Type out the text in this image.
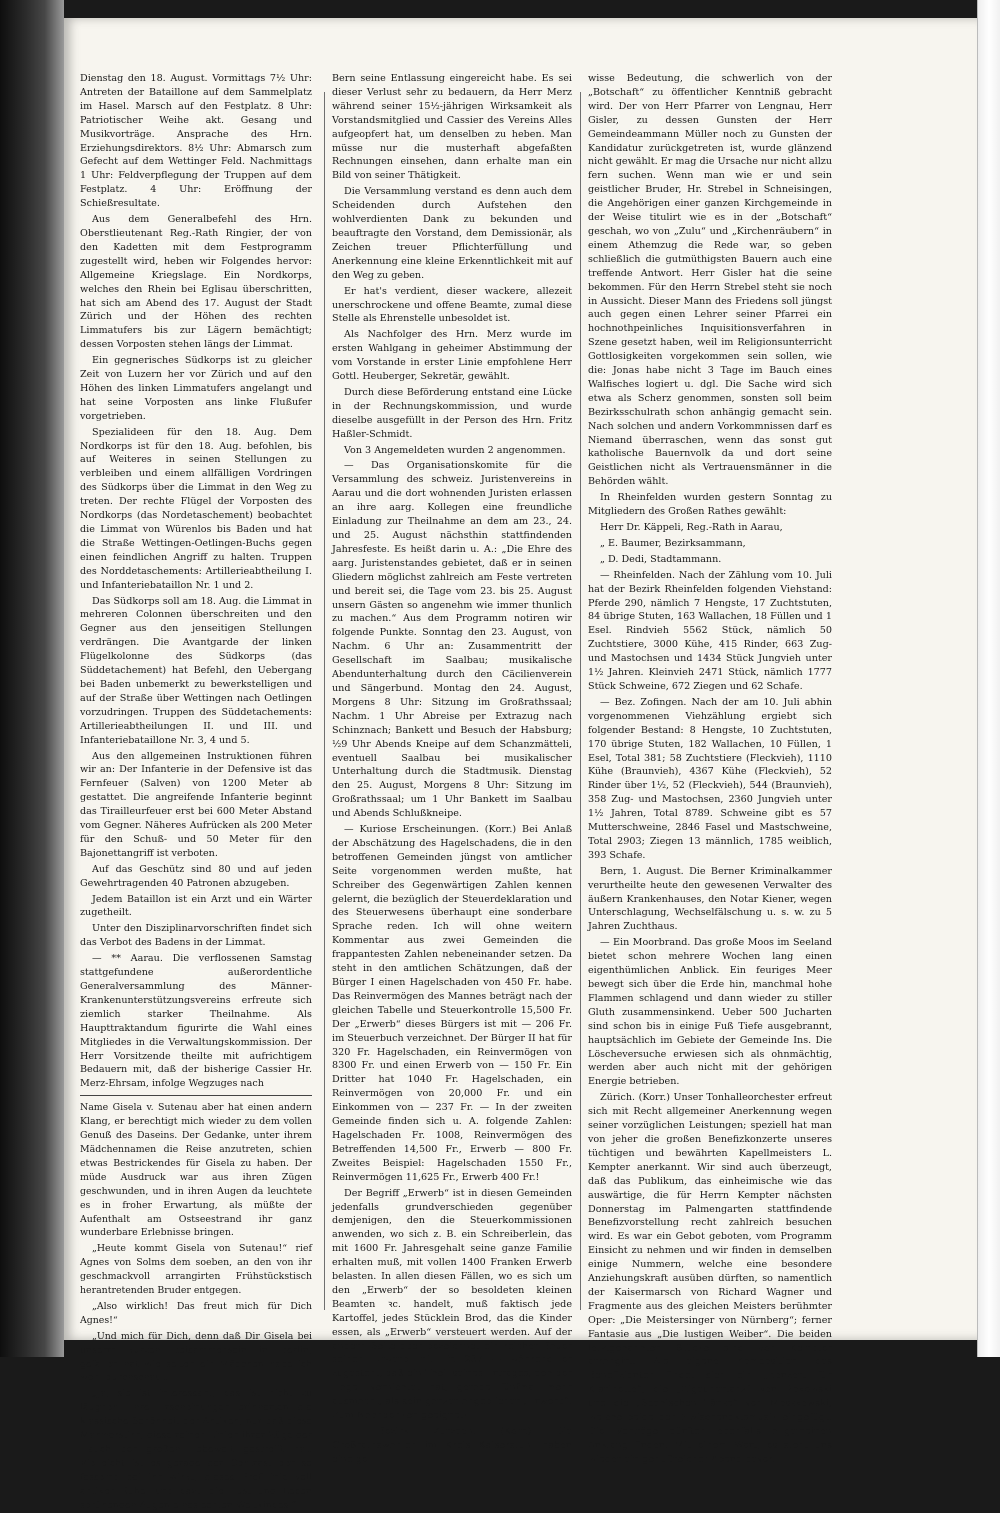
Dienstag den 18. August. Vormittags 7½ Uhr: Antreten der Bataillone auf dem Sammelplatz im Hasel. Marsch auf den Festplatz. 8 Uhr: Patriotischer Weihe akt. Gesang und Musikvorträge. Ansprache des Hrn. Erziehungsdirektors. 8½ Uhr: Abmarsch zum Gefecht auf dem Wettinger Feld. Nachmittags 1 Uhr: Feldverpflegung der Truppen auf dem Festplatz. 4 Uhr: Eröffnung der Schießresultate.

Aus dem Generalbefehl des Hrn. Oberstlieutenant Reg.-Rath Ringier, der von den Kadetten mit dem Festprogramm zugestellt wird, heben wir Folgendes hervor: Allgemeine Kriegslage. Ein Nordkorps, welches den Rhein bei Eglisau überschritten, hat sich am Abend des 17. August der Stadt Zürich und der Höhen des rechten Limmatufers bis zur Lägern bemächtigt; dessen Vorposten stehen längs der Limmat.

Ein gegnerisches Südkorps ist zu gleicher Zeit von Luzern her vor Zürich und auf den Höhen des linken Limmatufers angelangt und hat seine Vorposten ans linke Flußufer vorgetrieben.

Spezialideen für den 18. Aug. Dem Nordkorps ist für den 18. Aug. befohlen, bis auf Weiteres in seinen Stellungen zu verbleiben und einem allfälligen Vordringen des Südkorps über die Limmat in den Weg zu treten. Der rechte Flügel der Vorposten des Nordkorps (das Nordetaschement) beobachtet die Limmat von Würenlos bis Baden und hat die Straße Wettingen-Oetlingen-Buchs gegen einen feindlichen Angriff zu halten. Truppen des Norddetaschements: Artillerieabtheilung I. und Infanteriebataillon Nr. 1 und 2.

Das Südkorps soll am 18. Aug. die Limmat in mehreren Colonnen überschreiten und den Gegner aus den jenseitigen Stellungen verdrängen. Die Avantgarde der linken Flügelkolonne des Südkorps (das Süddetachement) hat Befehl, den Uebergang bei Baden unbemerkt zu bewerkstelligen und auf der Straße über Wettingen nach Oetlingen vorzudringen. Truppen des Süddetachements: Artillerieabtheilungen II. und III. und Infanteriebataillone Nr. 3, 4 und 5.

Aus den allgemeinen Instruktionen führen wir an: Der Infanterie in der Defensive ist das Fernfeuer (Salven) von 1200 Meter ab gestattet. Die angreifende Infanterie beginnt das Tirailleurfeuer erst bei 600 Meter Abstand vom Gegner. Näheres Aufrücken als 200 Meter für den Schuß- und 50 Meter für den Bajonettangriff ist verboten.

Auf das Geschütz sind 80 und auf jeden Gewehrtragenden 40 Patronen abzugeben.

Jedem Bataillon ist ein Arzt und ein Wärter zugetheilt.

Unter den Disziplinarvorschriften findet sich das Verbot des Badens in der Limmat.

— ** Aarau. Die verflossenen Samstag stattgefundene außerordentliche Generalversammlung des Männer-Krankenunterstützungsvereins erfreute sich ziemlich starker Theilnahme. Als Haupttraktandum figurirte die Wahl eines Mitgliedes in die Verwaltungskommission. Der Herr Vorsitzende theilte mit aufrichtigem Bedauern mit, daß der bisherige Cassier Hr. Merz-Ehrsam, infolge Wegzuges nach

Name Gisela v. Sutenau aber hat einen andern Klang, er berechtigt mich wieder zu dem vollen Genuß des Daseins. Der Gedanke, unter ihrem Mädchennamen die Reise anzutreten, schien etwas Bestrickendes für Gisela zu haben. Der müde Ausdruck war aus ihren Zügen geschwunden, und in ihren Augen da leuchtete es in froher Erwartung, als müßte der Aufenthalt am Ostseestrand ihr ganz wunderbare Erlebnisse bringen.

„Heute kommt Gisela von Sutenau!“ rief Agnes von Solms dem soeben, an den von ihr geschmackvoll arrangirten Frühstückstisch herantretenden Bruder entgegen.

„Also wirklich! Das freut mich für Dich Agnes!“

„Und mich für Dich, denn daß Dir Gisela bei unserm kurzen Beisammensein in Berlin, gefallen hat wie selten ein Mädchen habe ich wohl durchschaut.

„Ja, sie ist interessant, das ist nicht zu läugnen. Ihre Erscheinungen erinnerten die klassische Schönheit der Antiken, nur daß diese Marmorstirn, diese reinen Linien ihrer Züge der Hauch der großen Lebewelt gestreift hat. Vielleicht ist es gerade der Contrast der so fesselnd bei ihr wirkt, dieses Profillinie voll antiker Ruhe, und dazu die Lust und Leben sprühenden Augen eines echten Weltkindes.“

Bern seine Entlassung eingereicht habe. Es sei dieser Verlust sehr zu bedauern, da Herr Merz während seiner 15½-jährigen Wirksamkeit als Vorstandsmitglied und Cassier des Vereins Alles aufgeopfert hat, um denselben zu heben. Man müsse nur die musterhaft abgefaßten Rechnungen einsehen, dann erhalte man ein Bild von seiner Thätigkeit.

Die Versammlung verstand es denn auch dem Scheidenden durch Aufstehen den wohlverdienten Dank zu bekunden und beauftragte den Vorstand, dem Demissionär, als Zeichen treuer Pflichterfüllung und Anerkennung eine kleine Erkenntlichkeit mit auf den Weg zu geben.

Er hat's verdient, dieser wackere, allezeit unerschrockene und offene Beamte, zumal diese Stelle als Ehrenstelle unbesoldet ist.

Als Nachfolger des Hrn. Merz wurde im ersten Wahlgang in geheimer Abstimmung der vom Vorstande in erster Linie empfohlene Herr Gottl. Heuberger, Sekretär, gewählt.

Durch diese Beförderung entstand eine Lücke in der Rechnungskommission, und wurde dieselbe ausgefüllt in der Person des Hrn. Fritz Haßler-Schmidt.

Von 3 Angemeldeten wurden 2 angenommen.

— Das Organisationskomite für die Versammlung des schweiz. Juristenvereins in Aarau und die dort wohnenden Juristen erlassen an ihre aarg. Kollegen eine freundliche Einladung zur Theilnahme an dem am 23., 24. und 25. August nächsthin stattfindenden Jahresfeste. Es heißt darin u. A.: „Die Ehre des aarg. Juristenstandes gebietet, daß er in seinen Gliedern möglichst zahlreich am Feste vertreten und bereit sei, die Tage vom 23. bis 25. August unsern Gästen so angenehm wie immer thunlich zu machen.“ Aus dem Programm notiren wir folgende Punkte. Sonntag den 23. August, von Nachm. 6 Uhr an: Zusammentritt der Gesellschaft im Saalbau; musikalische Abendunterhaltung durch den Cäcilienverein und Sängerbund. Montag den 24. August, Morgens 8 Uhr: Sitzung im Großrathssaal; Nachm. 1 Uhr Abreise per Extrazug nach Schinznach; Bankett und Besuch der Habsburg; ½9 Uhr Abends Kneipe auf dem Schanzmätteli, eventuell Saalbau bei musikalischer Unterhaltung durch die Stadtmusik. Dienstag den 25. August, Morgens 8 Uhr: Sitzung im Großrathssaal; um 1 Uhr Bankett im Saalbau und Abends Schlußkneipe.

— Kuriose Erscheinungen. (Korr.) Bei Anlaß der Abschätzung des Hagelschadens, die in den betroffenen Gemeinden jüngst von amtlicher Seite vorgenommen werden mußte, hat Schreiber des Gegenwärtigen Zahlen kennen gelernt, die bezüglich der Steuerdeklaration und des Steuerwesens überhaupt eine sonderbare Sprache reden. Ich will ohne weitern Kommentar aus zwei Gemeinden die frappantesten Zahlen nebeneinander setzen. Da steht in den amtlichen Schätzungen, daß der Bürger I einen Hagelschaden von 450 Fr. habe. Das Reinvermögen des Mannes beträgt nach der gleichen Tabelle und Steuerkontrolle 15,500 Fr. Der „Erwerb“ dieses Bürgers ist mit — 206 Fr. im Steuerbuch verzeichnet. Der Bürger II hat für 320 Fr. Hagelschaden, ein Reinvermögen von 8300 Fr. und einen Erwerb von — 150 Fr. Ein Dritter hat 1040 Fr. Hagelschaden, ein Reinvermögen von 20,000 Fr. und ein Einkommen von — 237 Fr. — In der zweiten Gemeinde finden sich u. A. folgende Zahlen: Hagelschaden Fr. 1008, Reinvermögen des Betreffenden 14,500 Fr., Erwerb — 800 Fr. Zweites Beispiel: Hagelschaden 1550 Fr., Reinvermögen 11,625 Fr., Erwerb 400 Fr.!

Der Begriff „Erwerb“ ist in diesen Gemeinden jedenfalls grundverschieden gegenüber demjenigen, den die Steuerkommissionen anwenden, wo sich z. B. ein Schreiberlein, das mit 1600 Fr. Jahresgehalt seine ganze Familie erhalten muß, mit vollen 1400 Franken Erwerb belasten. In allen diesen Fällen, wo es sich um den „Erwerb“ der so besoldeten kleinen Beamten ꝛc. handelt, muß faktisch jede Kartoffel, jedes Stücklein Brod, das die Kinder essen, als „Erwerb“ versteuert werden. Auf der andern Seite aber bezeichnet ein reicher Bauer seinen Erwerb mit Fr. 237 — während er zugesteht, daß ein Theil seines Ertrages, den der Hagel vernichtet hat, gerade fünfmal mehr ausmacht, als sein ganzer angeblicher „Erwerb“. Zum Nachdenken geeignet!

— Bezirk Zurzach. (Korr.) Die Großrathswahlen im Kreis Kaiserstuhl haben eine ge-

wisse Bedeutung, die schwerlich von der „Botschaft“ zu öffentlicher Kenntniß gebracht wird. Der von Herr Pfarrer von Lengnau, Herr Gisler, zu dessen Gunsten der Herr Gemeindeammann Müller noch zu Gunsten der Kandidatur zurückgetreten ist, wurde glänzend nicht gewählt. Er mag die Ursache nur nicht allzu fern suchen. Wenn man wie er und sein geistlicher Bruder, Hr. Strebel in Schneisingen, die Angehörigen einer ganzen Kirchgemeinde in der Weise titulirt wie es in der „Botschaft“ geschah, wo von „Zulu“ und „Kirchenräubern“ in einem Athemzug die Rede war, so geben schließlich die gutmüthigsten Bauern auch eine treffende Antwort. Herr Gisler hat die seine bekommen. Für den Herrn Strebel steht sie noch in Aussicht. Dieser Mann des Friedens soll jüngst auch gegen einen Lehrer seiner Pfarrei ein hochnothpeinliches Inquisitionsverfahren in Szene gesetzt haben, weil im Religionsunterricht Gottlosigkeiten vorgekommen sein sollen, wie die: Jonas habe nicht 3 Tage im Bauch eines Walfisches logiert u. dgl. Die Sache wird sich etwa als Scherz genommen, sonsten soll beim Bezirksschulrath schon anhängig gemacht sein. Nach solchen und andern Vorkommnissen darf es Niemand überraschen, wenn das sonst gut katholische Bauernvolk da und dort seine Geistlichen nicht als Vertrauensmänner in die Behörden wählt.

In Rheinfelden wurden gestern Sonntag zu Mitgliedern des Großen Rathes gewählt:

Herr Dr. Käppeli, Reg.-Rath in Aarau,

„ E. Baumer, Bezirksammann,

„ D. Dedi, Stadtammann.

— Rheinfelden. Nach der Zählung vom 10. Juli hat der Bezirk Rheinfelden folgenden Viehstand: Pferde 290, nämlich 7 Hengste, 17 Zuchtstuten, 84 übrige Stuten, 163 Wallachen, 18 Füllen und 1 Esel. Rindvieh 5562 Stück, nämlich 50 Zuchtstiere, 3000 Kühe, 415 Rinder, 663 Zug- und Mastochsen und 1434 Stück Jungvieh unter 1½ Jahren. Kleinvieh 2471 Stück, nämlich 1777 Stück Schweine, 672 Ziegen und 62 Schafe.

— Bez. Zofingen. Nach der am 10. Juli abhin vorgenommenen Viehzählung ergiebt sich folgender Bestand: 8 Hengste, 10 Zuchtstuten, 170 übrige Stuten, 182 Wallachen, 10 Füllen, 1 Esel, Total 381; 58 Zuchtstiere (Fleckvieh), 1110 Kühe (Braunvieh), 4367 Kühe (Fleckvieh), 52 Rinder über 1½, 52 (Fleckvieh), 544 (Braunvieh), 358 Zug- und Mastochsen, 2360 Jungvieh unter 1½ Jahren, Total 8789. Schweine gibt es 57 Mutterschweine, 2846 Fasel und Mastschweine, Total 2903; Ziegen 13 männlich, 1785 weiblich, 393 Schafe.

Bern, 1. August. Die Berner Kriminalkammer verurtheilte heute den gewesenen Verwalter des äußern Krankenhauses, den Notar Kiener, wegen Unterschlagung, Wechselfälschung u. s. w. zu 5 Jahren Zuchthaus.

— Ein Moorbrand. Das große Moos im Seeland bietet schon mehrere Wochen lang einen eigenthümlichen Anblick. Ein feuriges Meer bewegt sich über die Erde hin, manchmal hohe Flammen schlagend und dann wieder zu stiller Gluth zusammensinkend. Ueber 500 Jucharten sind schon bis in einige Fuß Tiefe ausgebrannt, hauptsächlich im Gebiete der Gemeinde Ins. Die Löscheversuche erwiesen sich als ohnmächtig, werden aber auch nicht mit der gehörigen Energie betrieben.

Zürich. (Korr.) Unser Tonhalleorchester erfreut sich mit Recht allgemeiner Anerkennung wegen seiner vorzüglichen Leistungen; speziell hat man von jeher die großen Benefizkonzerte unseres tüchtigen und bewährten Kapellmeisters L. Kempter anerkannt. Wir sind auch überzeugt, daß das Publikum, das einheimische wie das auswärtige, die für Herrn Kempter nächsten Donnerstag im Palmengarten stattfindende Benefizvorstellung recht zahlreich besuchen wird. Es war ein Gebot geboten, vom Programm Einsicht zu nehmen und wir finden in demselben einige Nummern, welche eine besondere Anziehungskraft ausüben dürften, so namentlich der Kaisermarsch von Richard Wagner und Fragmente aus des gleichen Meisters berühmter Oper: „Die Meistersinger von Nürnberg“; ferner Fantasie aus „Die lustigen Weiber“. Die beiden letztgenannten Stücke sind von Kempter arrangirt. Als eigene Komposition des Benefizianten findet sich ein „Konzert für Klarinette“; die „Zigeunertanz“ von Rokowski und die „Spanischen Tänze“ von Moszkowski, welche beide den Zwischenaktsmusik eingefügt. Die Vorträge dürften ebenfalls allgemeinen Anklang finden. Mit einem Wort, es steht uns wieder ein genußreicher Abend bevor.
